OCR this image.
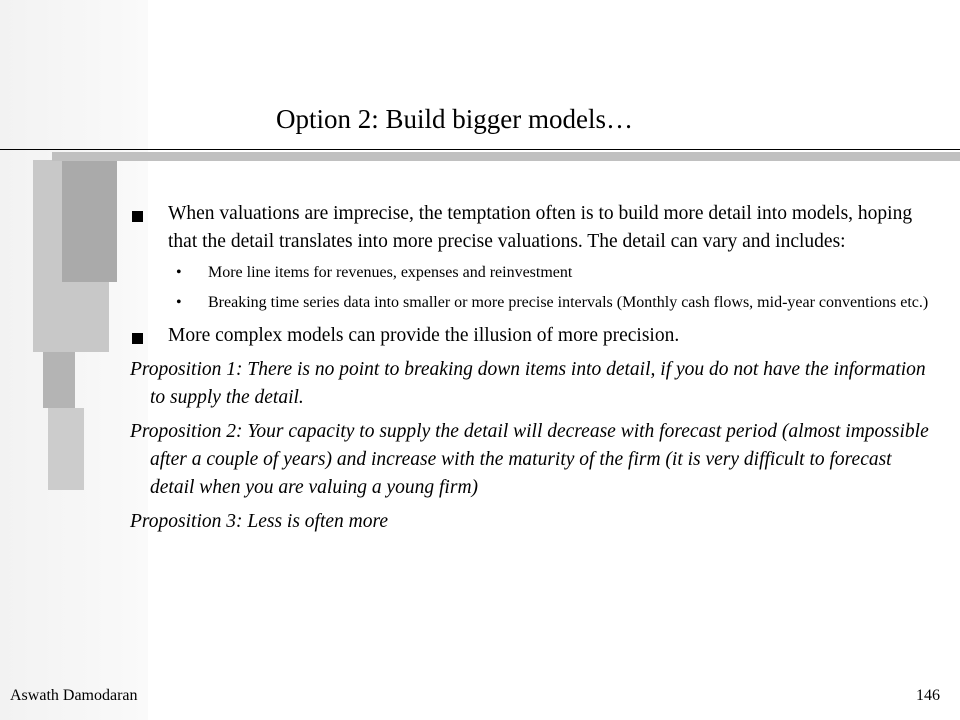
Option 2: Build bigger models…
When valuations are imprecise, the temptation often is to build more detail into models, hoping that the detail translates into more precise valuations. The detail can vary and includes:
• More line items for revenues, expenses and reinvestment
• Breaking time series data into smaller or more precise intervals (Monthly cash flows, mid-year conventions etc.)
More complex models can provide the illusion of more precision.
Proposition 1: There is no point to breaking down items into detail, if you do not have the information to supply the detail.
Proposition 2: Your capacity to supply the detail will decrease with forecast period (almost impossible after a couple of years) and increase with the maturity of the firm (it is very difficult to forecast detail when you are valuing a young firm)
Proposition 3: Less is often more
Aswath Damodaran	146
